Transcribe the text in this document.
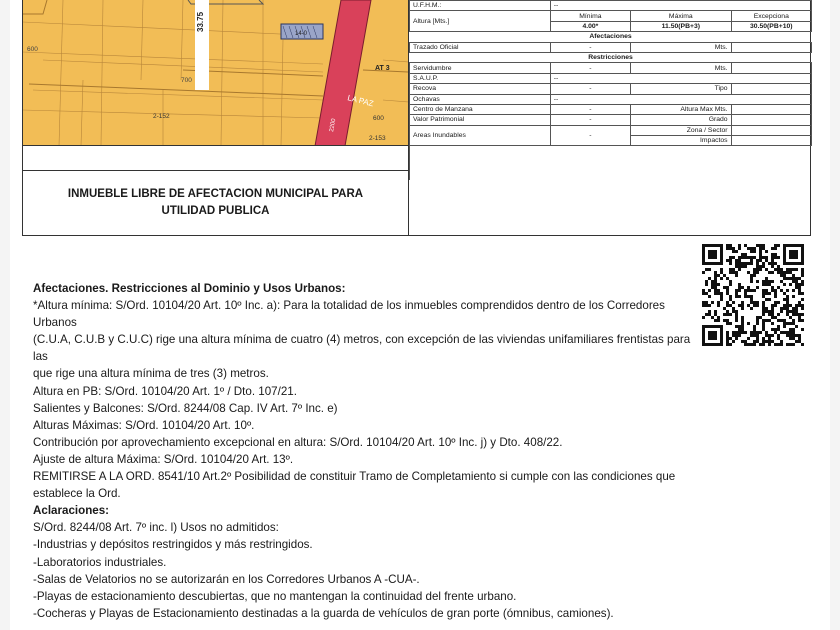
33.75
14-0
600
700
AT 3
LA PAZ
2-152	600
2-153
2200
INMUEBLE LIBRE DE AFECTACION MUNICIPAL PARA UTILIDAD PUBLICA
U.F.H.M.:	--		
Altura [Mts.]	Mínima	Máxima	Excepciona
	4.00*	11.50(PB+3)	30.50(PB+10)
Afectaciones			
Trazado Oficial	-	Mts.	
Restricciones			
Servidumbre	-	Mts.	
S.A.U.P.	--		
Recova	-	Tipo	
Ochavas	--		
Centro de Manzana	-	Altura Max Mts.	
Valor Patrimonial	-	Grado	
Areas Inundables	-	Zona / Sector	
		Impactos	

Afectaciones. Restricciones al Dominio y Usos Urbanos:

*Altura mínima: S/Ord. 10104/20 Art. 10º Inc. a): Para la totalidad de los inmuebles comprendidos dentro de los Corredores

Urbanos

(C.U.A, C.U.B y C.U.C) rige una altura mínima de cuatro (4) metros, con excepción de las viviendas unifamiliares frentistas para las

que rige una altura mínima de tres (3) metros.

Altura en PB: S/Ord. 10104/20 Art. 1º / Dto. 107/21.

Salientes y Balcones: S/Ord. 8244/08 Cap. IV Art. 7º Inc. e)

Alturas Máximas: S/Ord. 10104/20 Art. 10º.

Contribución por aprovechamiento excepcional en altura: S/Ord. 10104/20 Art. 10º Inc. j) y Dto. 408/22.

Ajuste de altura Máxima: S/Ord. 10104/20 Art. 13º.

REMITIRSE A LA ORD. 8541/10 Art.2º Posibilidad de constituir Tramo de Completamiento si cumple con las condiciones que

establece la Ord.

Aclaraciones:

S/Ord. 8244/08 Art. 7º inc. l) Usos no admitidos:

-Industrias y depósitos restringidos y más restringidos.

-Laboratorios industriales.

-Salas de Velatorios no se autorizarán en los Corredores Urbanos A -CUA-.

-Playas de estacionamiento descubiertas, que no mantengan la continuidad del frente urbano.

-Cocheras y Playas de Estacionamiento destinadas a la guarda de vehículos de gran porte (ómnibus, camiones).
